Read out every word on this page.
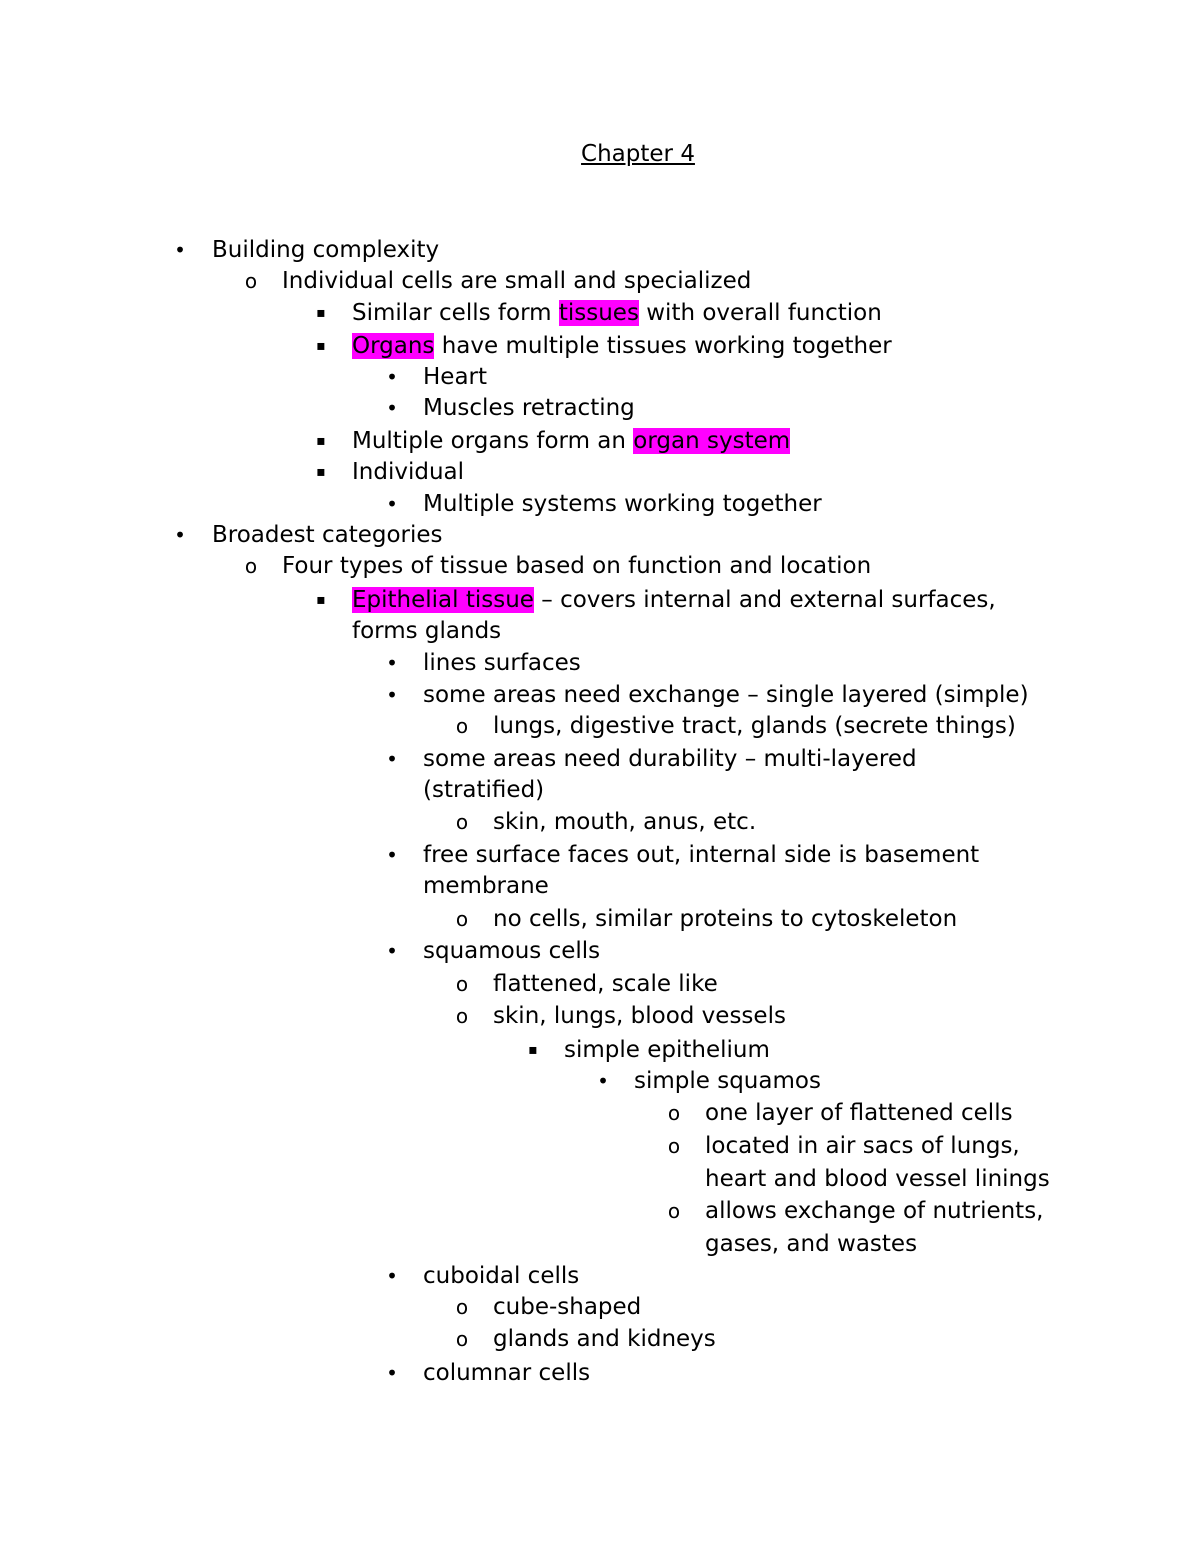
Chapter 4
• Building complexity
o Individual cells are small and specialized
▪	Similar cells form tissues with overall function
▪	Organs have multiple tissues working together
• Heart
• Muscles retracting
▪	Multiple organs form an organ system
▪	Individual
• Multiple systems working together
• Broadest categories
o Four types of tissue based on function and location
▪	Epithelial tissue – covers internal and external surfaces,
forms glands
• lines surfaces
• some areas need exchange – single layered (simple)
o lungs, digestive tract, glands (secrete things)
• some areas need durability – multi-layered
(stratified)
o skin, mouth, anus, etc.
• free surface faces out, internal side is basement
membrane
o no cells, similar proteins to cytoskeleton
• squamous cells
o flattened, scale like
o skin, lungs, blood vessels
▪	simple epithelium
• simple squamos
o one layer of flattened cells
o located in air sacs of lungs,
heart and blood vessel linings
o allows exchange of nutrients,
gases, and wastes
• cuboidal cells
o cube-shaped
o glands and kidneys
• columnar cells
